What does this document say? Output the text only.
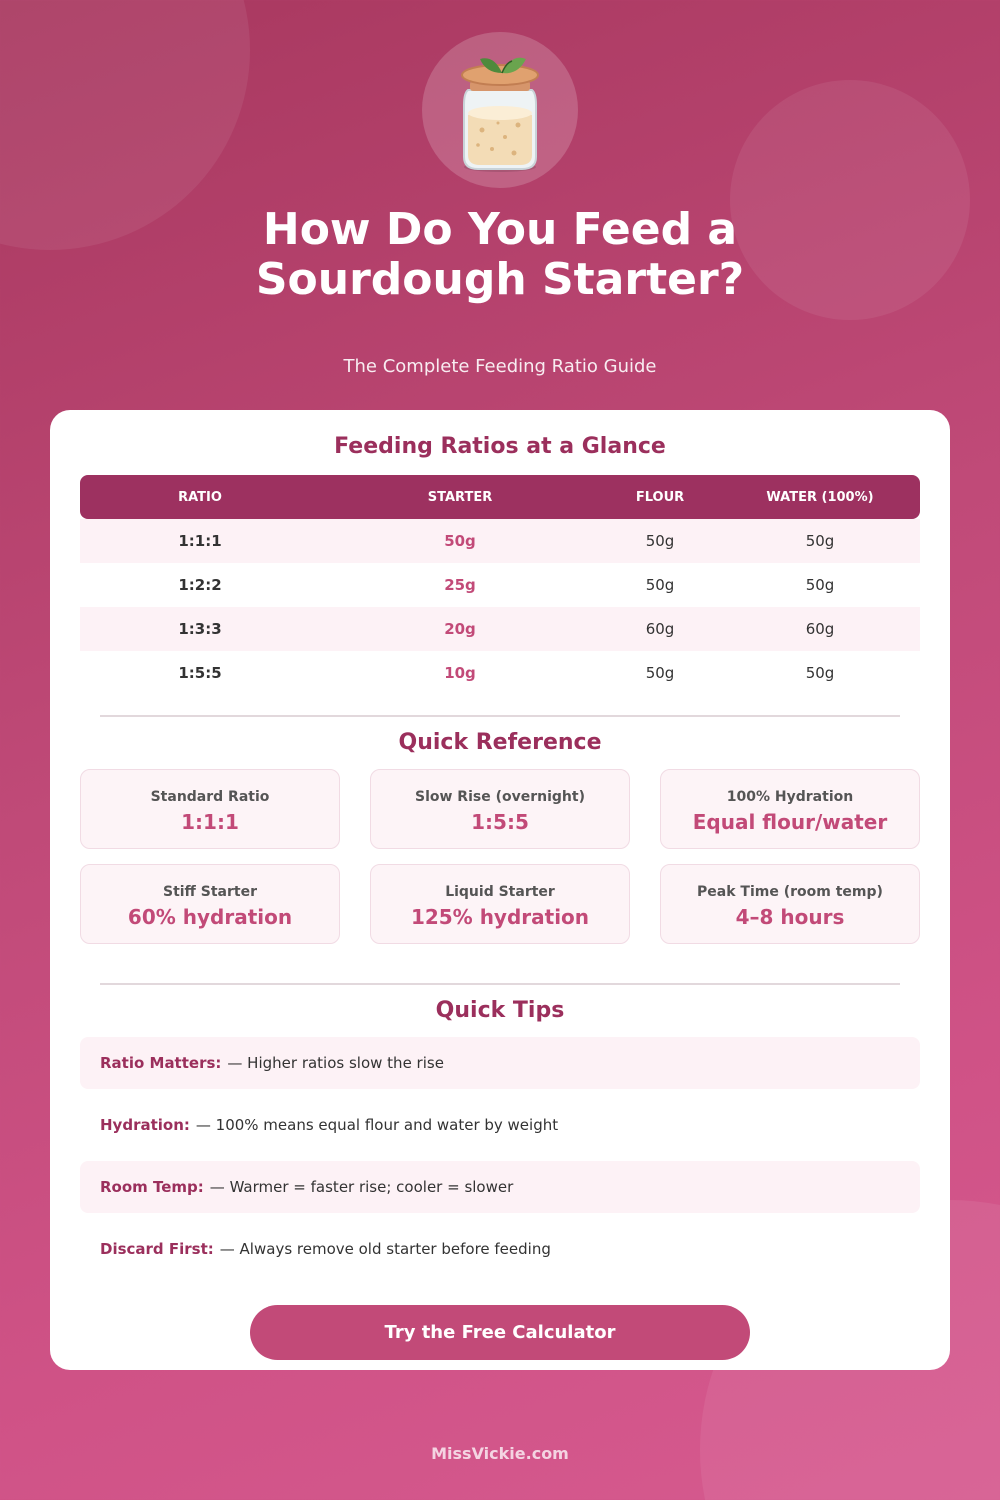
How Do You Feed a
Sourdough Starter?
The Complete Feeding Ratio Guide
Feeding Ratios at a Glance
RATIO	STARTER	FLOUR	WATER (100%)
1:1:1	50g	50g	50g
1:2:2	25g	50g	50g
1:3:3	20g	60g	60g
1:5:5	10g	50g	50g
Quick Reference
Standard Ratio
1:1:1
Slow Rise (overnight)
1:5:5
100% Hydration
Equal flour/water
Stiff Starter
60% hydration
Liquid Starter
125% hydration
Peak Time (room temp)
4–8 hours
Quick Tips
Ratio Matters: — Higher ratios slow the rise
Hydration: — 100% means equal flour and water by weight
Room Temp: — Warmer = faster rise; cooler = slower
Discard First: — Always remove old starter before feeding
Try the Free Calculator
MissVickie.com
